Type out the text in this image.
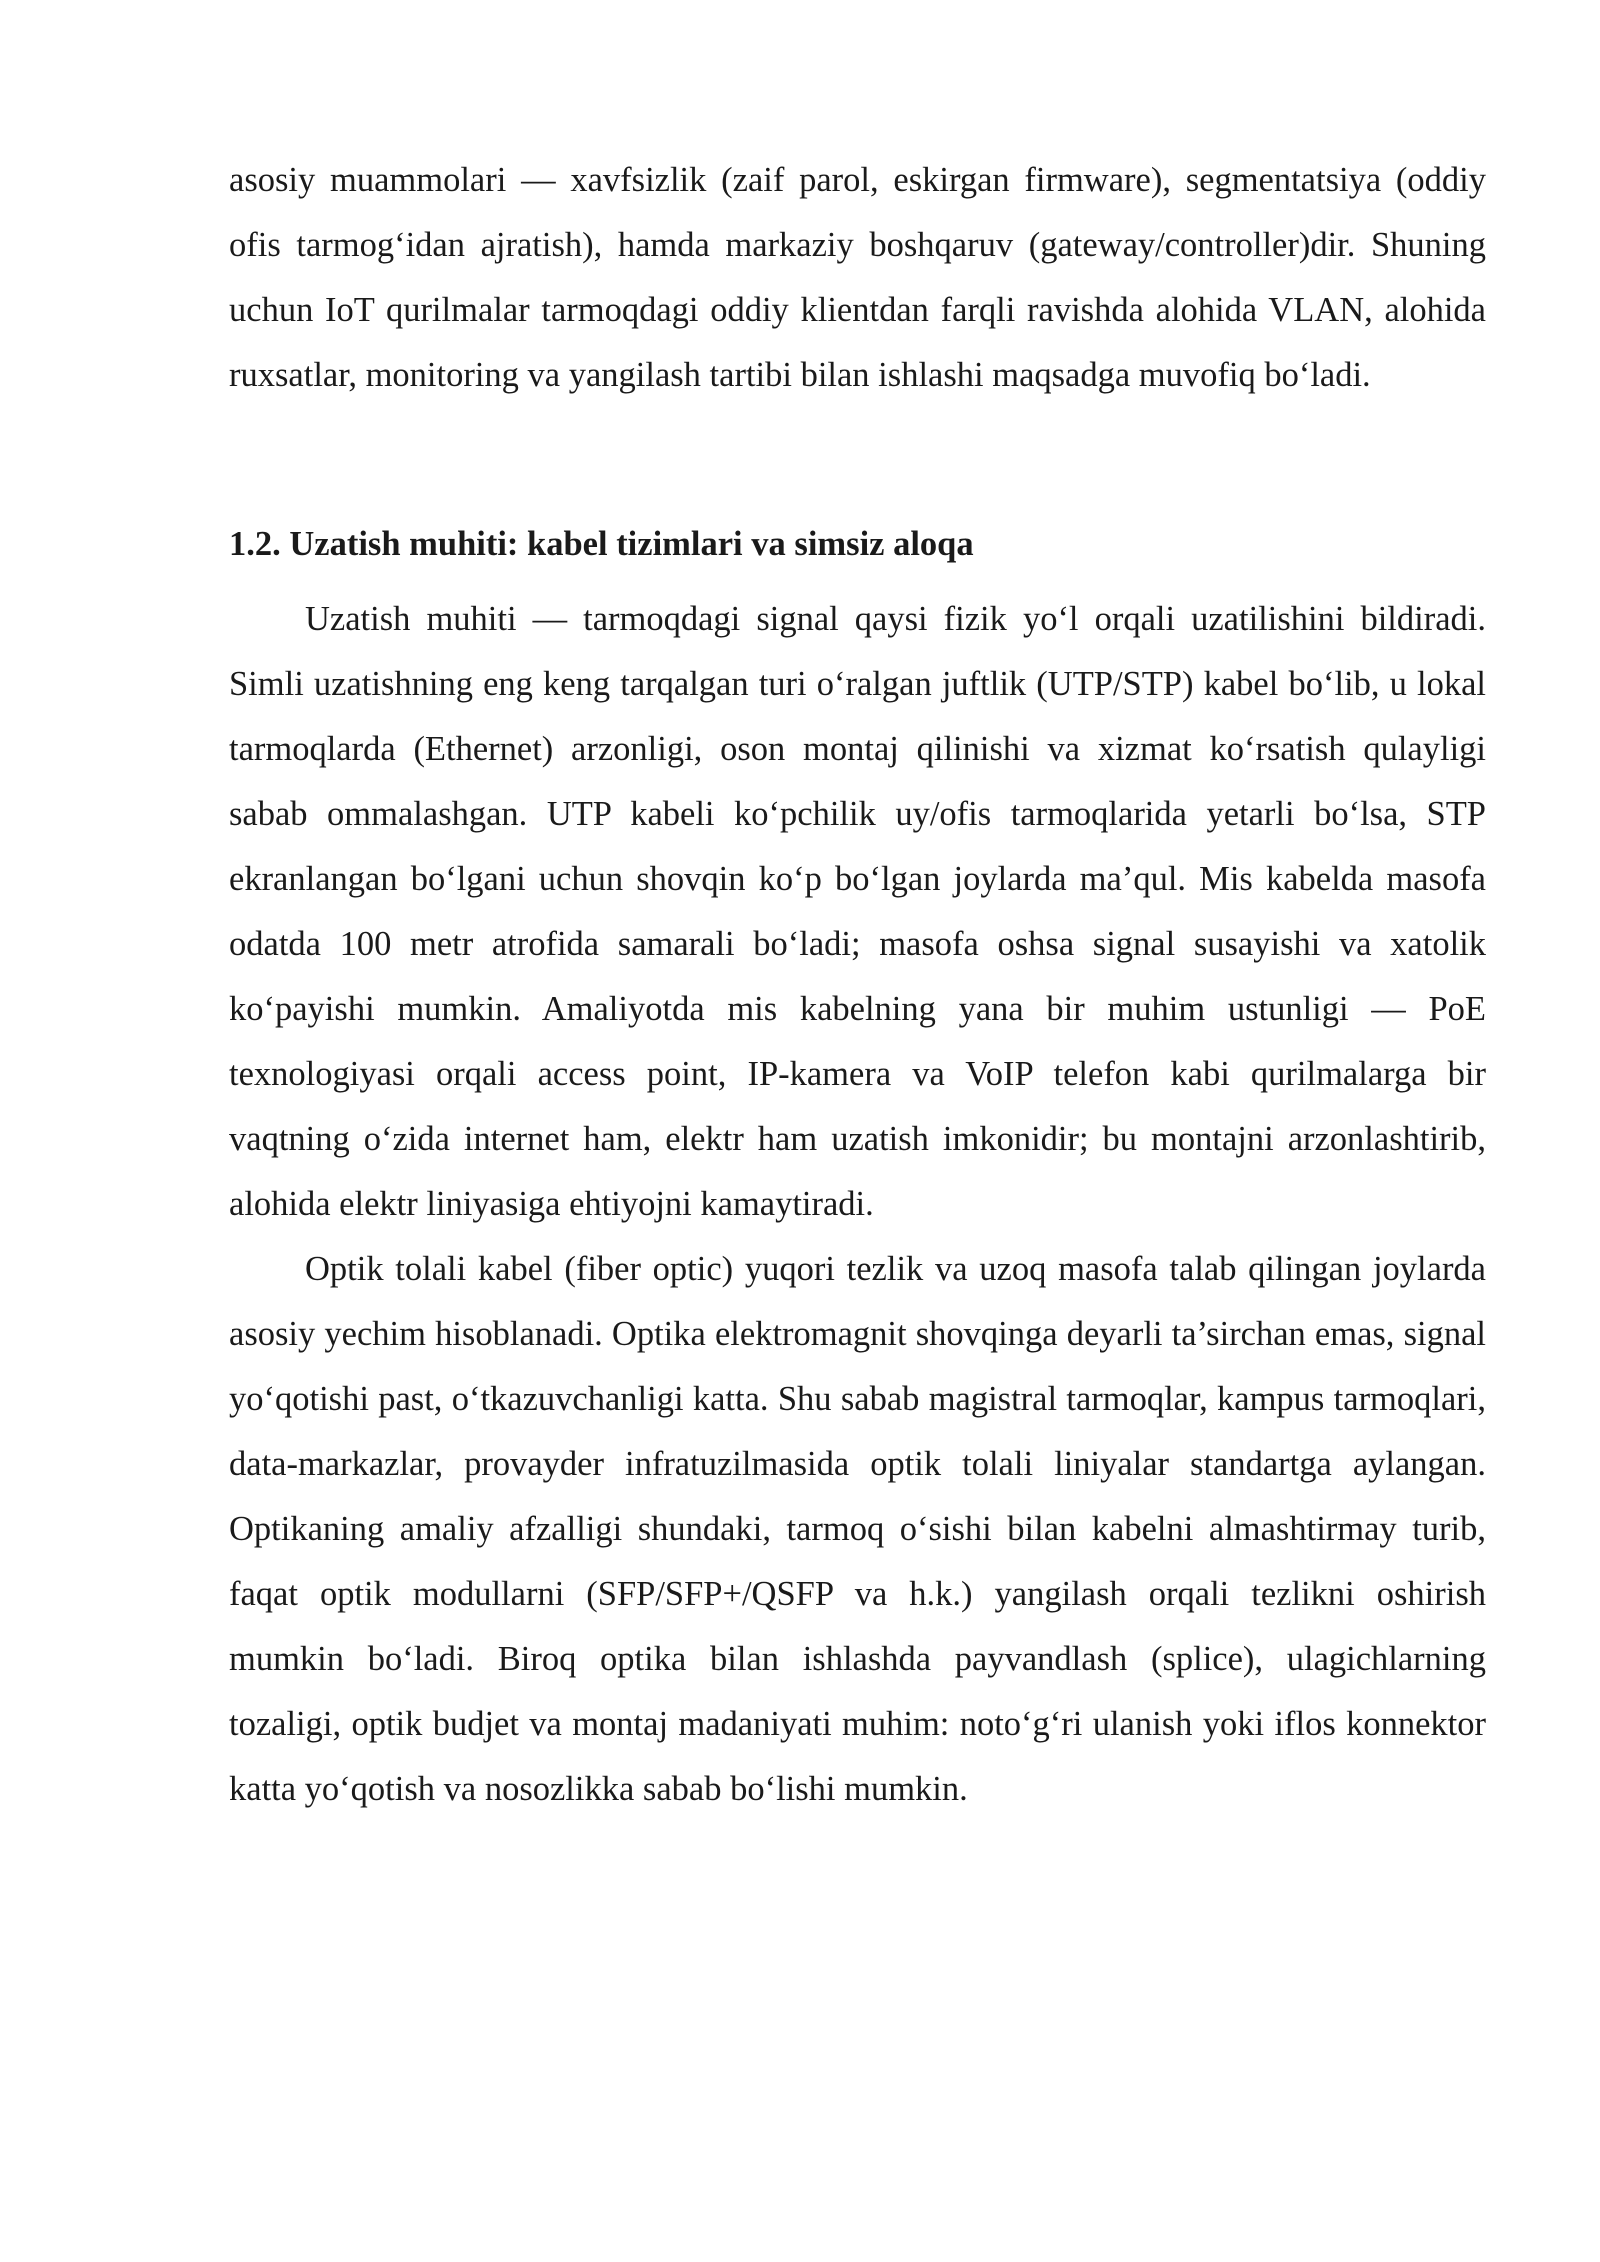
asosiy muammolari — xavfsizlik (zaif parol, eskirgan firmware), segmentatsiya (oddiy ofis tarmog‘idan ajratish), hamda markaziy boshqaruv (gateway/controller)dir. Shuning uchun IoT qurilmalar tarmoqdagi oddiy klientdan farqli ravishda alohida VLAN, alohida ruxsatlar, monitoring va yangilash tartibi bilan ishlashi maqsadga muvofiq bo‘ladi.

1.2. Uzatish muhiti: kabel tizimlari va simsiz aloqa

Uzatish muhiti — tarmoqdagi signal qaysi fizik yo‘l orqali uzatilishini bildiradi. Simli uzatishning eng keng tarqalgan turi o‘ralgan juftlik (UTP/STP) kabel bo‘lib, u lokal tarmoqlarda (Ethernet) arzonligi, oson montaj qilinishi va xizmat ko‘rsatish qulayligi sabab ommalashgan. UTP kabeli ko‘pchilik uy/ofis tarmoqlarida yetarli bo‘lsa, STP ekranlangan bo‘lgani uchun shovqin ko‘p bo‘lgan joylarda ma’qul. Mis kabelda masofa odatda 100 metr atrofida samarali bo‘ladi; masofa oshsa signal susayishi va xatolik ko‘payishi mumkin. Amaliyotda mis kabelning yana bir muhim ustunligi — PoE texnologiyasi orqali access point, IP-kamera va VoIP telefon kabi qurilmalarga bir vaqtning o‘zida internet ham, elektr ham uzatish imkonidir; bu montajni arzonlashtirib, alohida elektr liniyasiga ehtiyojni kamaytiradi.

Optik tolali kabel (fiber optic) yuqori tezlik va uzoq masofa talab qilingan joylarda asosiy yechim hisoblanadi. Optika elektromagnit shovqinga deyarli ta’sirchan emas, signal yo‘qotishi past, o‘tkazuvchanligi katta. Shu sabab magistral tarmoqlar, kampus tarmoqlari, data-markazlar, provayder infratuzilmasida optik tolali liniyalar standartga aylangan. Optikaning amaliy afzalligi shundaki, tarmoq o‘sishi bilan kabelni almashtirmay turib, faqat optik modullarni (SFP/SFP+/QSFP va h.k.) yangilash orqali tezlikni oshirish mumkin bo‘ladi. Biroq optika bilan ishlashda payvandlash (splice), ulagichlarning tozaligi, optik budjet va montaj madaniyati muhim: noto‘g‘ri ulanish yoki iflos konnektor katta yo‘qotish va nosozlikka sabab bo‘lishi mumkin.
